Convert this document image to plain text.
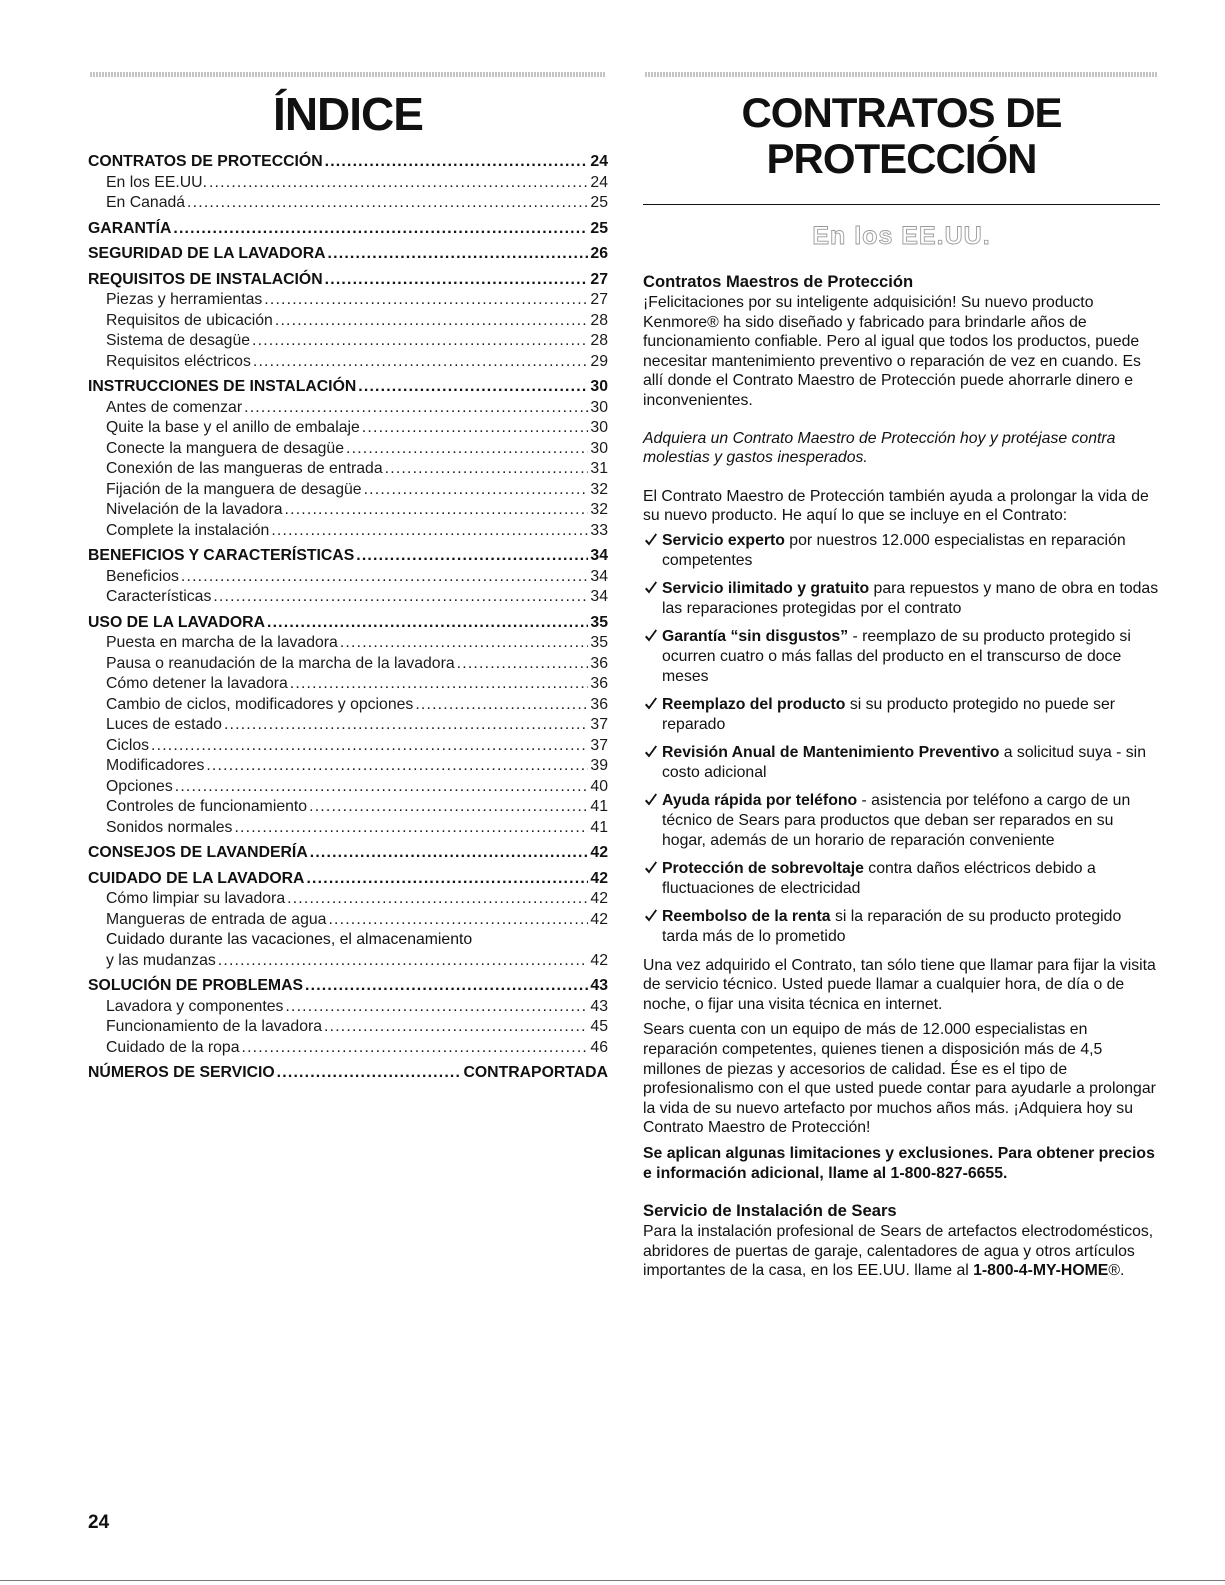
ÍNDICE
CONTRATOS DE PROTECCIÓN .....	24
En los EE.UU. .....	24
En Canadá .....	25
GARANTÍA .....	25
SEGURIDAD DE LA LAVADORA .....	26
REQUISITOS DE INSTALACIÓN .....	27
Piezas y herramientas .....	27
Requisitos de ubicación .....	28
Sistema de desagüe .....	28
Requisitos eléctricos .....	29
INSTRUCCIONES DE INSTALACIÓN .....	30
Antes de comenzar .....	30
Quite la base y el anillo de embalaje .....	30
Conecte la manguera de desagüe .....	30
Conexión de las mangueras de entrada .....	31
Fijación de la manguera de desagüe .....	32
Nivelación de la lavadora .....	32
Complete la instalación .....	33
BENEFICIOS Y CARACTERÍSTICAS .....	34
Beneficios .....	34
Características .....	34
USO DE LA LAVADORA .....	35
Puesta en marcha de la lavadora .....	35
Pausa o reanudación de la marcha de la lavadora .....	36
Cómo detener la lavadora .....	36
Cambio de ciclos, modificadores y opciones .....	36
Luces de estado .....	37
Ciclos .....	37
Modificadores .....	39
Opciones .....	40
Controles de funcionamiento .....	41
Sonidos normales .....	41
CONSEJOS DE LAVANDERÍA .....	42
CUIDADO DE LA LAVADORA .....	42
Cómo limpiar su lavadora .....	42
Mangueras de entrada de agua .....	42
Cuidado durante las vacaciones, el almacenamiento
y las mudanzas .....	42
SOLUCIÓN DE PROBLEMAS .....	43
Lavadora y componentes .....	43
Funcionamiento de la lavadora .....	45
Cuidado de la ropa .....	46
NÚMEROS DE SERVICIO .....	CONTRAPORTADA
CONTRATOS DE
PROTECCIÓN
En los EE.UU.

Contratos Maestros de Protección

¡Felicitaciones por su inteligente adquisición! Su nuevo producto Kenmore® ha sido diseñado y fabricado para brindarle años de funcionamiento confiable. Pero al igual que todos los productos, puede necesitar mantenimiento preventivo o reparación de vez en cuando. Es allí donde el Contrato Maestro de Protección puede ahorrarle dinero e inconvenientes.

Adquiera un Contrato Maestro de Protección hoy y protéjase contra molestias y gastos inesperados.

El Contrato Maestro de Protección también ayuda a prolongar la vida de su nuevo producto. He aquí lo que se incluye en el Contrato:

Servicio experto por nuestros 12.000 especialistas en reparación competentes
Servicio ilimitado y gratuito para repuestos y mano de obra en todas las reparaciones protegidas por el contrato
Garantía “sin disgustos” - reemplazo de su producto protegido si ocurren cuatro o más fallas del producto en el transcurso de doce meses
Reemplazo del producto si su producto protegido no puede ser reparado
Revisión Anual de Mantenimiento Preventivo a solicitud suya - sin costo adicional
Ayuda rápida por teléfono - asistencia por teléfono a cargo de un técnico de Sears para productos que deban ser reparados en su hogar, además de un horario de reparación conveniente
Protección de sobrevoltaje contra daños eléctricos debido a fluctuaciones de electricidad
Reembolso de la renta si la reparación de su producto protegido tarda más de lo prometido

Una vez adquirido el Contrato, tan sólo tiene que llamar para fijar la visita de servicio técnico. Usted puede llamar a cualquier hora, de día o de noche, o fijar una visita técnica en internet.

Sears cuenta con un equipo de más de 12.000 especialistas en reparación competentes, quienes tienen a disposición más de 4,5 millones de piezas y accesorios de calidad. Ése es el tipo de profesionalismo con el que usted puede contar para ayudarle a prolongar la vida de su nuevo artefacto por muchos años más. ¡Adquiera hoy su Contrato Maestro de Protección!

Se aplican algunas limitaciones y exclusiones. Para obtener precios e información adicional, llame al 1-800-827-6655.

Servicio de Instalación de Sears

Para la instalación profesional de Sears de artefactos electrodomésticos, abridores de puertas de garaje, calentadores de agua y otros artículos importantes de la casa, en los EE.UU. llame al 1-800-4-MY-HOME®.

24
